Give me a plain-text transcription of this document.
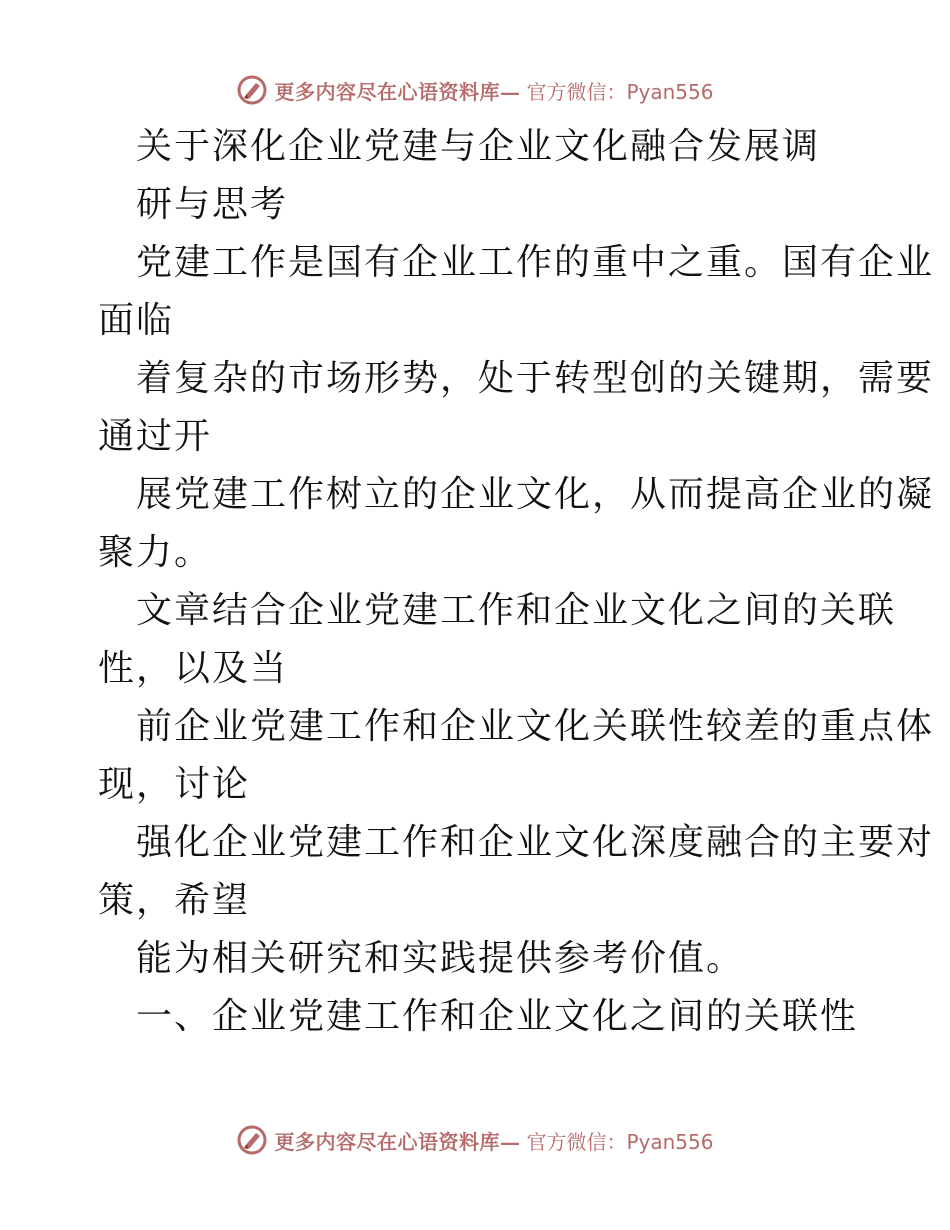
更多内容尽在心语资料库— 官方微信：Pyan556
关于深化企业党建与企业文化融合发展调
研与思考
党建工作是国有企业工作的重中之重。国有企业
面临
着复杂的市场形势，处于转型创的关键期，需要
通过开
展党建工作树立的企业文化，从而提高企业的凝
聚力。
文章结合企业党建工作和企业文化之间的关联
性，以及当
前企业党建工作和企业文化关联性较差的重点体
现，讨论
强化企业党建工作和企业文化深度融合的主要对
策，希望
能为相关研究和实践提供参考价值。
一、企业党建工作和企业文化之间的关联性
更多内容尽在心语资料库— 官方微信：Pyan556
